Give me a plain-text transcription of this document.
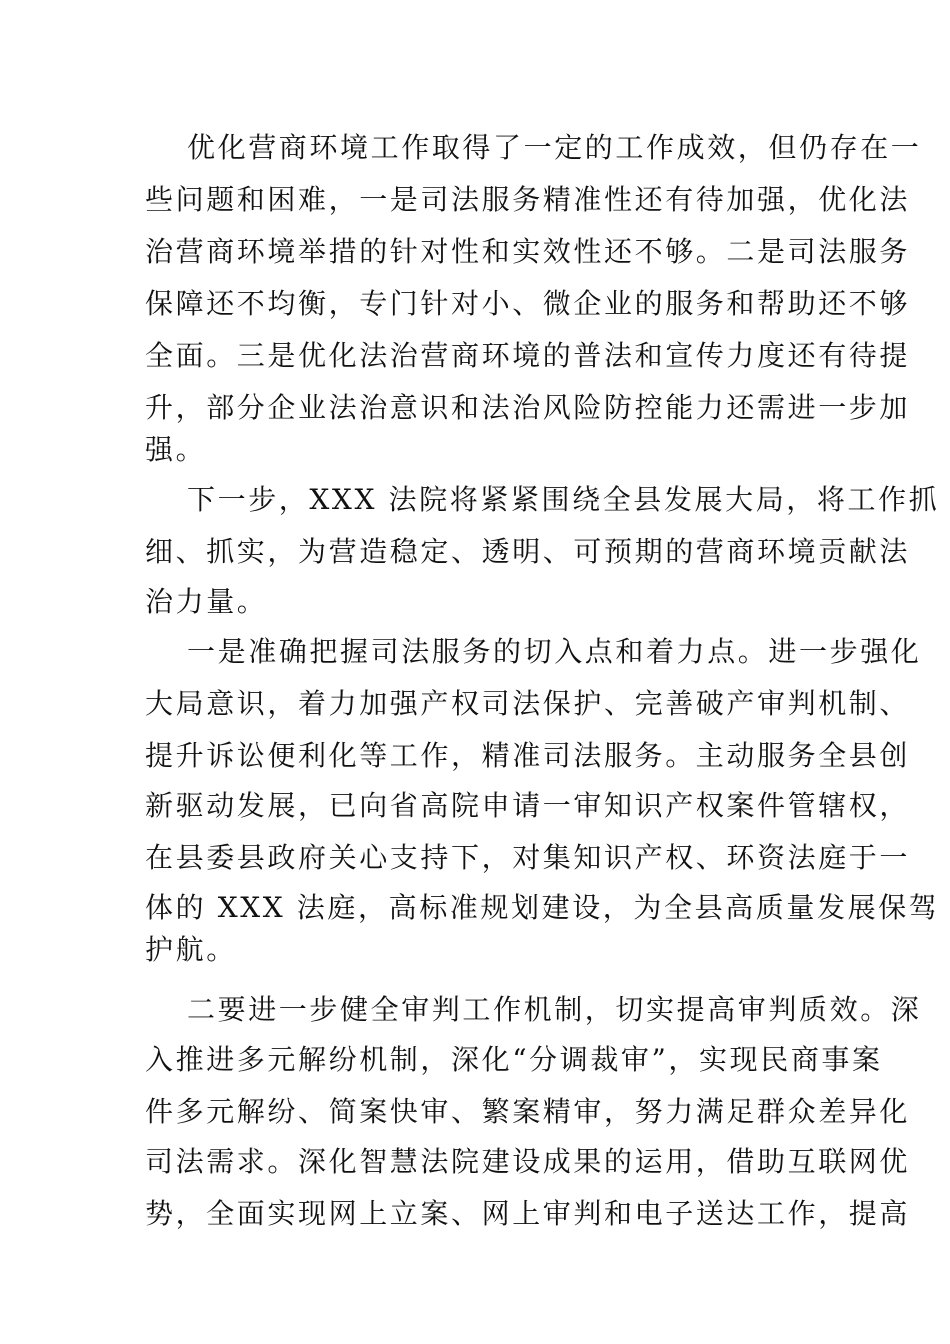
优化营商环境工作取得了一定的工作成效，但仍存在一
些问题和困难，一是司法服务精准性还有待加强，优化法
治营商环境举措的针对性和实效性还不够。二是司法服务
保障还不均衡，专门针对小、微企业的服务和帮助还不够
全面。三是优化法治营商环境的普法和宣传力度还有待提
升，部分企业法治意识和法治风险防控能力还需进一步加
强。
下一步，XXX 法院将紧紧围绕全县发展大局，将工作抓
细、抓实，为营造稳定、透明、可预期的营商环境贡献法
治力量。
一是准确把握司法服务的切入点和着力点。进一步强化
大局意识，着力加强产权司法保护、完善破产审判机制、
提升诉讼便利化等工作，精准司法服务。主动服务全县创
新驱动发展，已向省高院申请一审知识产权案件管辖权，
在县委县政府关心支持下，对集知识产权、环资法庭于一
体的 XXX 法庭，高标准规划建设，为全县高质量发展保驾
护航。
二要进一步健全审判工作机制，切实提高审判质效。深
入推进多元解纷机制，深化“分调裁审”，实现民商事案
件多元解纷、简案快审、繁案精审，努力满足群众差异化
司法需求。深化智慧法院建设成果的运用，借助互联网优
势，全面实现网上立案、网上审判和电子送达工作，提高
